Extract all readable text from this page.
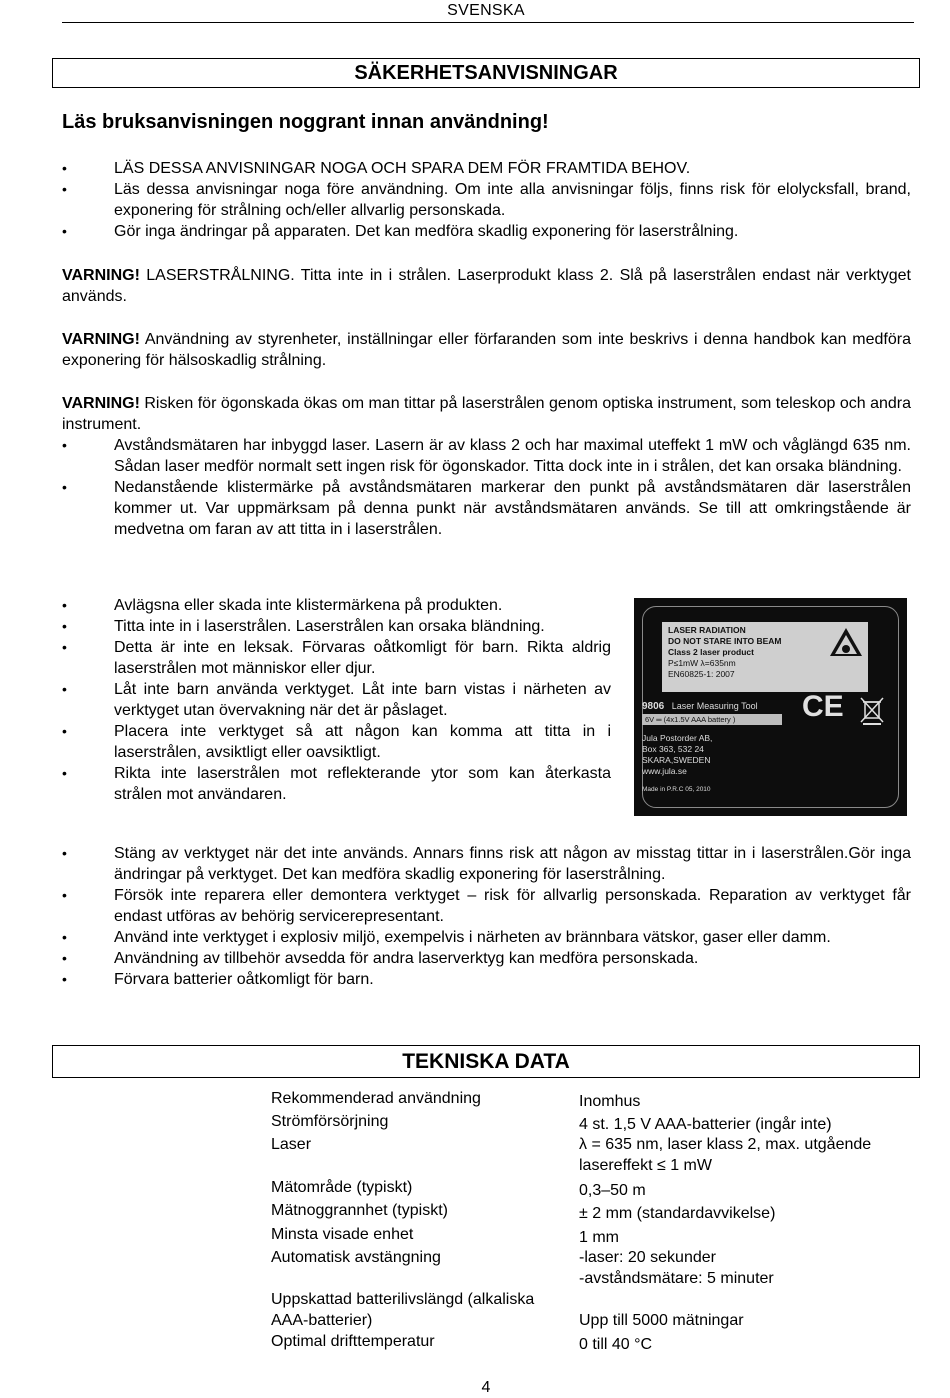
SVENSKA
SÄKERHETSANVISNINGAR
Läs bruksanvisningen noggrant innan användning!
• LÄS DESSA ANVISNINGAR NOGA OCH SPARA DEM FÖR FRAMTIDA BEHOV.
• Läs dessa anvisningar noga före användning. Om inte alla anvisningar följs, finns risk för elolycksfall, brand, exponering för strålning och/eller allvarlig personskada.
• Gör inga ändringar på apparaten. Det kan medföra skadlig exponering för laserstrålning.

VARNING! LASERSTRÅLNING. Titta inte in i strålen. Laserprodukt klass 2. Slå på laserstrålen endast när verktyget används.

VARNING! Användning av styrenheter, inställningar eller förfaranden som inte beskrivs i denna handbok kan medföra exponering för hälsoskadlig strålning.

VARNING! Risken för ögonskada ökas om man tittar på laserstrålen genom optiska instrument, som teleskop och andra instrument.

• Avståndsmätaren har inbyggd laser. Lasern är av klass 2 och har maximal uteffekt 1 mW och våglängd 635 nm. Sådan laser medför normalt sett ingen risk för ögonskador. Titta dock inte in i strålen, det kan orsaka bländning.
• Nedanstående klistermärke på avståndsmätaren markerar den punkt på avståndsmätaren där laserstrålen kommer ut. Var uppmärksam på denna punkt när avståndsmätaren används. Se till att omkringstående är medvetna om faran av att titta in i laserstrålen.
• Avlägsna eller skada inte klistermärkena på produkten.
• Titta inte in i laserstrålen. Laserstrålen kan orsaka bländning.
• Detta är inte en leksak. Förvaras oåtkomligt för barn. Rikta aldrig laserstrålen mot människor eller djur.
• Låt inte barn använda verktyget. Låt inte barn vistas i närheten av verktyget utan övervakning när det är påslaget.
• Placera inte verktyget så att någon kan komma att titta in i laserstrålen, avsiktligt eller oavsiktligt.
• Rikta inte laserstrålen mot reflekterande ytor som kan återkasta strålen mot användaren.
LASER RADIATION
DO NOT STARE INTO BEAM
Class 2 laser product
P≤1mW λ=635nm
EN60825-1: 2007
9806 Laser Measuring Tool
6V ═ (4x1.5V AAA battery )
Jula Postorder AB,
Box 363, 532 24
SKARA,SWEDEN
www.jula.se
Made in P.R.C 05, 2010
CE
• Stäng av verktyget när det inte används. Annars finns risk att någon av misstag tittar in i laserstrålen.Gör inga ändringar på verktyget. Det kan medföra skadlig exponering för laserstrålning.
• Försök inte reparera eller demontera verktyget – risk för allvarlig personskada. Reparation av verktyget får endast utföras av behörig servicerepresentant.
• Använd inte verktyget i explosiv miljö, exempelvis i närheten av brännbara vätskor, gaser eller damm.
• Användning av tillbehör avsedda för andra laserverktyg kan medföra personskada.
• Förvara batterier oåtkomligt för barn.
TEKNISKA DATA
Rekommenderad användning	Inomhus
Strömförsörjning	4 st. 1,5 V AAA-batterier (ingår inte)
Laser	λ = 635 nm, laser klass 2, max. utgående lasereffekt ≤ 1 mW
Mätområde (typiskt)	0,3–50 m
Mätnoggrannhet (typiskt)	± 2 mm (standardavvikelse)
Minsta visade enhet	1 mm
Automatisk avstängning	-laser: 20 sekunder
-avståndsmätare: 5 minuter
Uppskattad batterilivslängd (alkaliska AAA-batterier)	Upp till 5000 mätningar
Optimal drifttemperatur	0 till 40 °C
4
